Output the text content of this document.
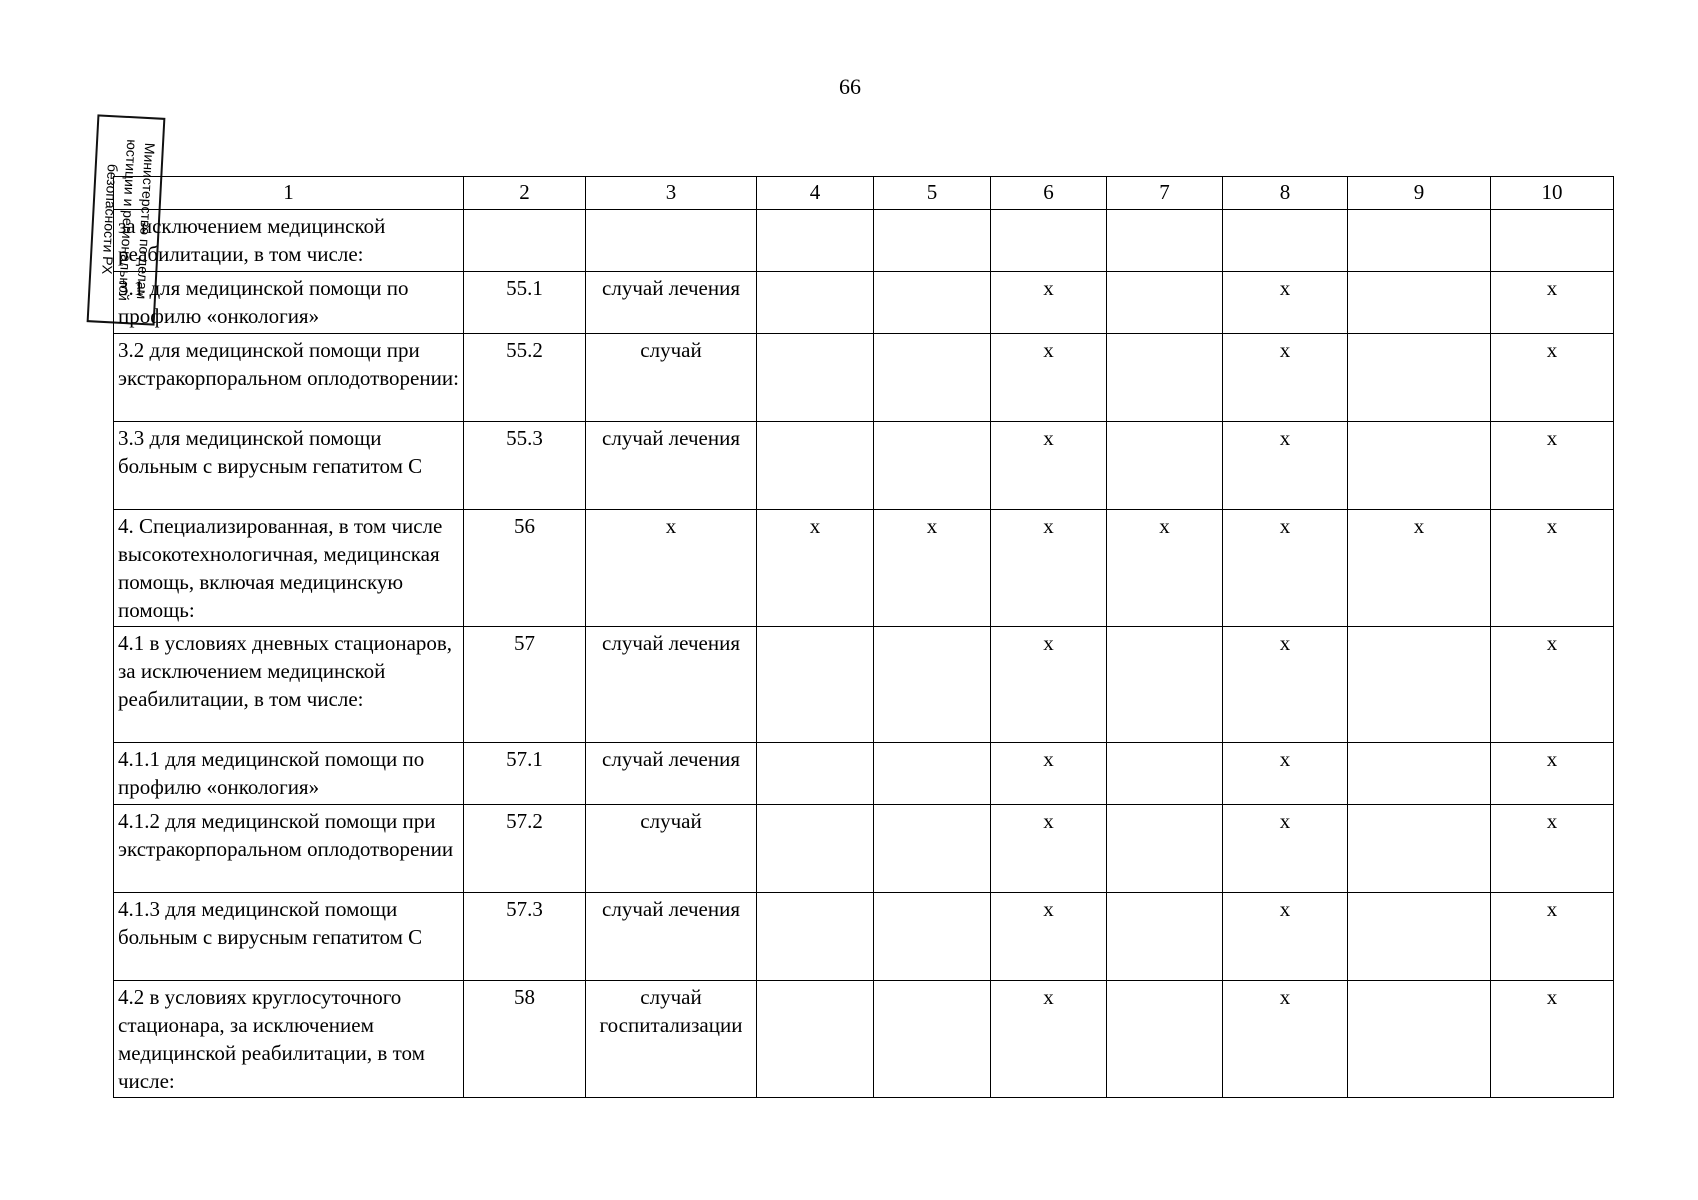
66
Министерство по делам
юстиции и региональной
безопасности РХ	1	2	3	4	5	6	7	8	9	10
за исключением медицинской реабилитации, в том числе:									
3.1 для медицинской помощи по профилю «онкология»	55.1	случай лечения			х		х		х
3.2 для медицинской помощи при экстракорпоральном оплодотворении:	55.2	случай			х		х		х
3.3 для медицинской помощи больным с вирусным гепатитом С	55.3	случай лечения			х		х		х
4. Специализированная, в том числе высокотехнологичная, медицинская помощь, включая медицинскую помощь:	56	х	х	х	х	х	х	х	х
4.1 в условиях дневных стационаров, за исключением медицинской реабилитации, в том числе:	57	случай лечения			х		х		х
4.1.1 для медицинской помощи по профилю «онкология»	57.1	случай лечения			х		х		х
4.1.2 для медицинской помощи при экстракорпоральном оплодотворении	57.2	случай			х		х		х
4.1.3 для медицинской помощи больным с вирусным гепатитом С	57.3	случай лечения			х		х		х
4.2 в условиях круглосуточного стационара, за исключением медицинской реабилитации, в том числе:	58	случай госпитализации			х		х		х
